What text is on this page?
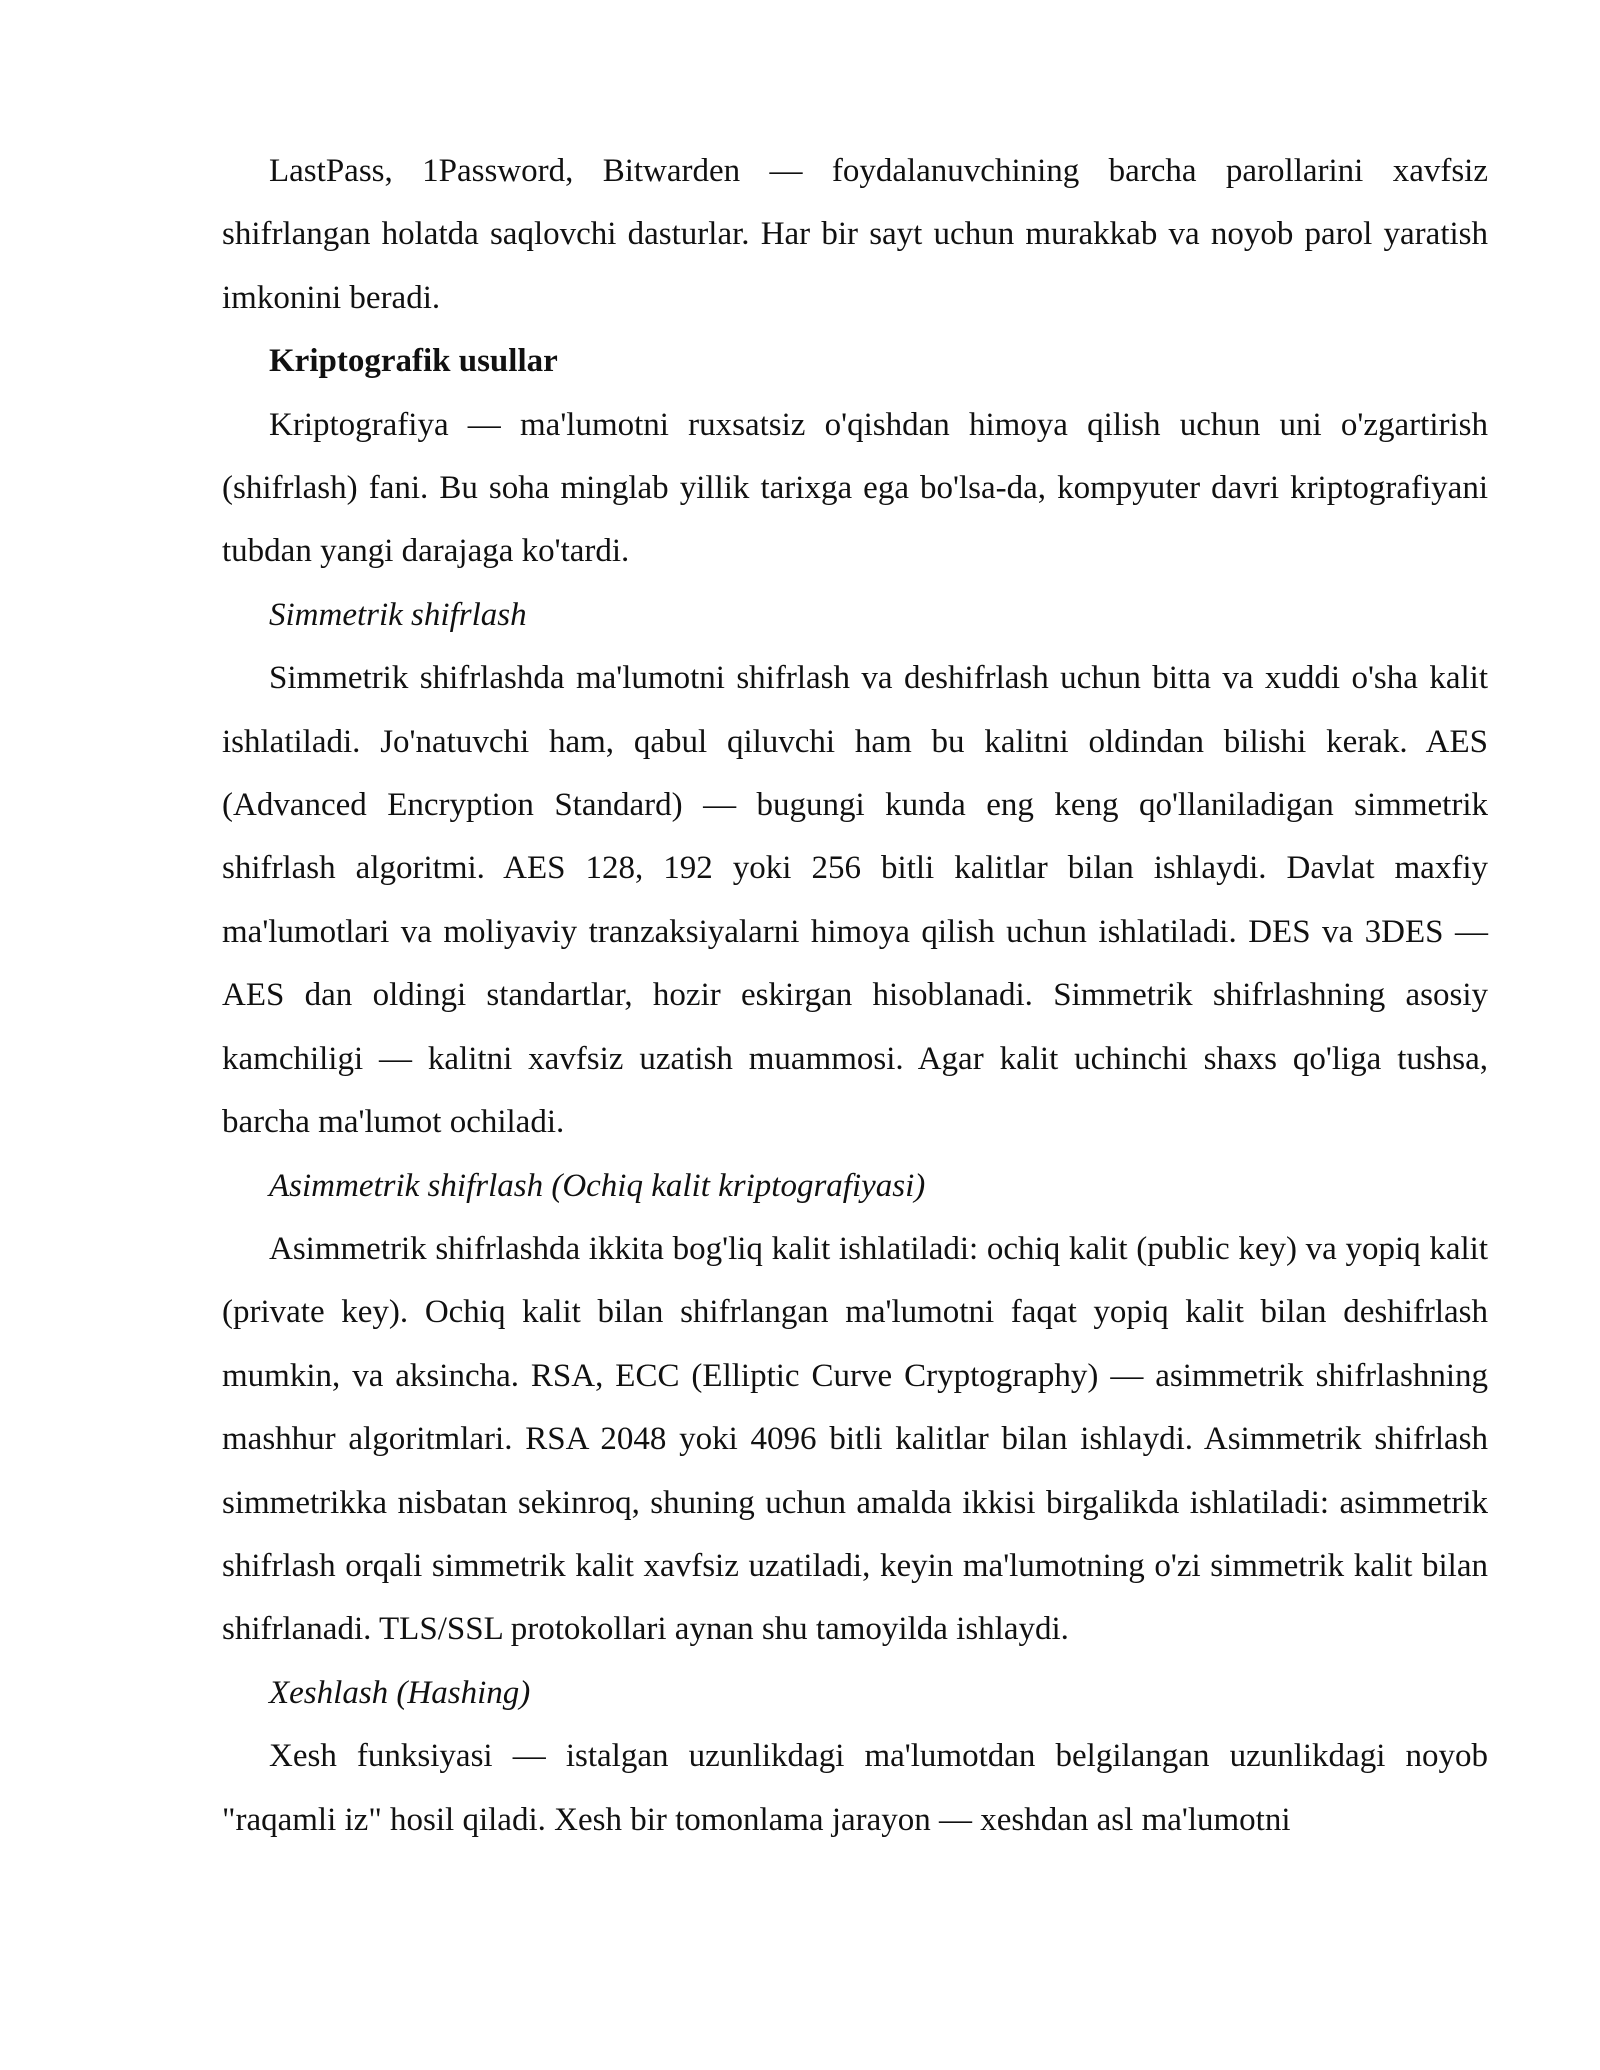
LastPass, 1Password, Bitwarden — foydalanuvchining barcha parollarini xavfsiz shifrlangan holatda saqlovchi dasturlar. Har bir sayt uchun murakkab va noyob parol yaratish imkonini beradi.

Kriptografik usullar

Kriptografiya — ma'lumotni ruxsatsiz o'qishdan himoya qilish uchun uni o'zgartirish (shifrlash) fani. Bu soha minglab yillik tarixga ega bo'lsa-da, kompyuter davri kriptografiyani tubdan yangi darajaga ko'tardi.

Simmetrik shifrlash

Simmetrik shifrlashda ma'lumotni shifrlash va deshifrlash uchun bitta va xuddi o'sha kalit ishlatiladi. Jo'natuvchi ham, qabul qiluvchi ham bu kalitni oldindan bilishi kerak. AES (Advanced Encryption Standard) — bugungi kunda eng keng qo'llaniladigan simmetrik shifrlash algoritmi. AES 128, 192 yoki 256 bitli kalitlar bilan ishlaydi. Davlat maxfiy ma'lumotlari va moliyaviy tranzaksiyalarni himoya qilish uchun ishlatiladi. DES va 3DES — AES dan oldingi standartlar, hozir eskirgan hisoblanadi. Simmetrik shifrlashning asosiy kamchiligi — kalitni xavfsiz uzatish muammosi. Agar kalit uchinchi shaxs qo'liga tushsa, barcha ma'lumot ochiladi.

Asimmetrik shifrlash (Ochiq kalit kriptografiyasi)

Asimmetrik shifrlashda ikkita bog'liq kalit ishlatiladi: ochiq kalit (public key) va yopiq kalit (private key). Ochiq kalit bilan shifrlangan ma'lumotni faqat yopiq kalit bilan deshifrlash mumkin, va aksincha. RSA, ECC (Elliptic Curve Cryptography) — asimmetrik shifrlashning mashhur algoritmlari. RSA 2048 yoki 4096 bitli kalitlar bilan ishlaydi. Asimmetrik shifrlash simmetrikka nisbatan sekinroq, shuning uchun amalda ikkisi birgalikda ishlatiladi: asimmetrik shifrlash orqali simmetrik kalit xavfsiz uzatiladi, keyin ma'lumotning o'zi simmetrik kalit bilan shifrlanadi. TLS/SSL protokollari aynan shu tamoyilda ishlaydi.

Xeshlash (Hashing)

Xesh funksiyasi — istalgan uzunlikdagi ma'lumotdan belgilangan uzunlikdagi noyob "raqamli iz" hosil qiladi. Xesh bir tomonlama jarayon — xeshdan asl ma'lumotni
